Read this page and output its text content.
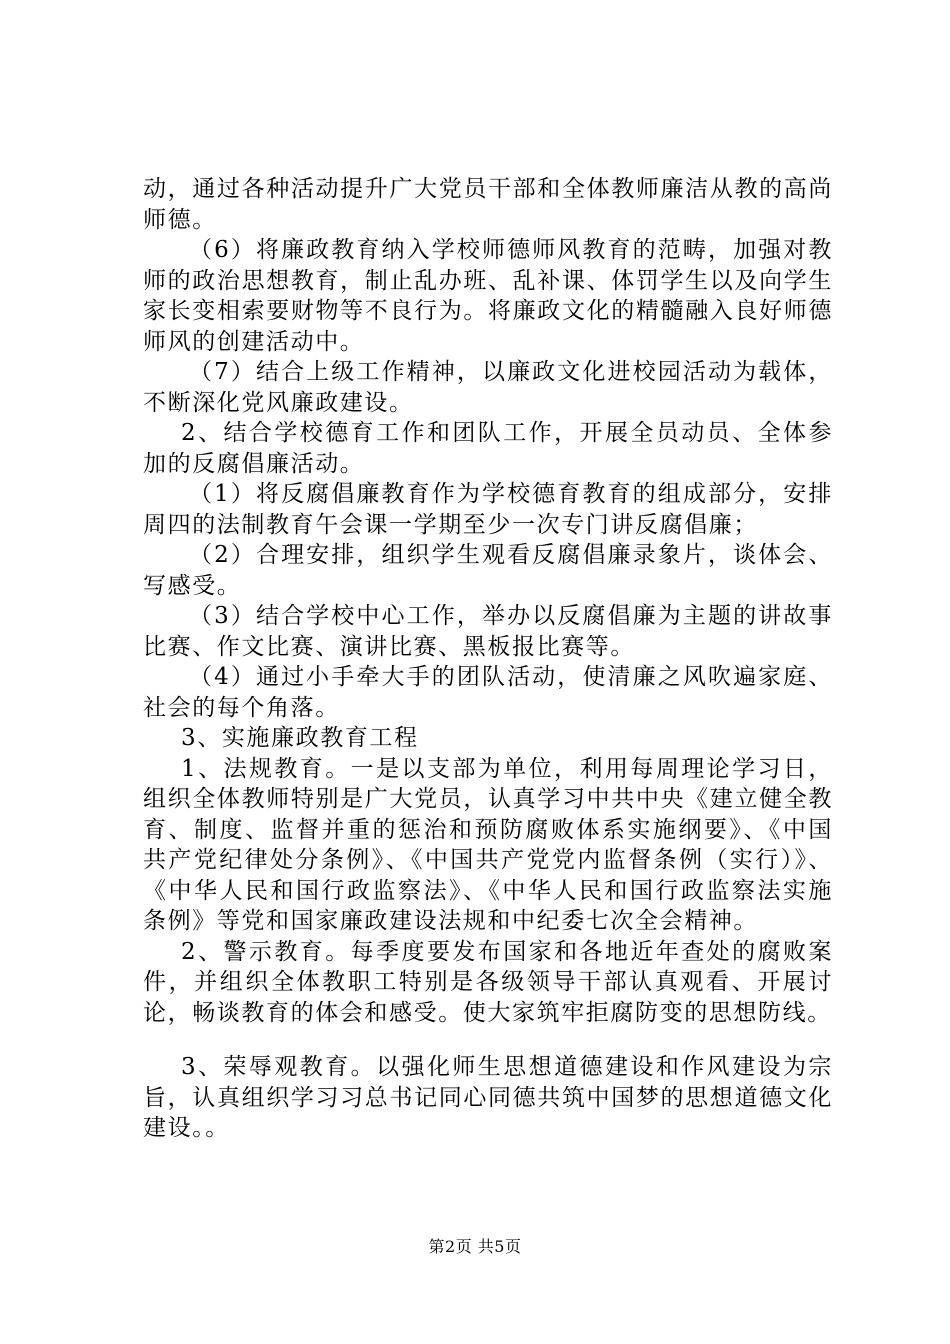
动，通过各种活动提升广大党员干部和全体教师廉洁从教的高尚师德。

（6）将廉政教育纳入学校师德师风教育的范畴，加强对教师的政治思想教育，制止乱办班、乱补课、体罚学生以及向学生家长变相索要财物等不良行为。将廉政文化的精髓融入良好师德师风的创建活动中。

（7）结合上级工作精神，以廉政文化进校园活动为载体，不断深化党风廉政建设。

2、结合学校德育工作和团队工作，开展全员动员、全体参加的反腐倡廉活动。

（1）将反腐倡廉教育作为学校德育教育的组成部分，安排周四的法制教育午会课一学期至少一次专门讲反腐倡廉；

（2）合理安排，组织学生观看反腐倡廉录象片，谈体会、写感受。

（3）结合学校中心工作，举办以反腐倡廉为主题的讲故事比赛、作文比赛、演讲比赛、黑板报比赛等。

（4）通过小手牵大手的团队活动，使清廉之风吹遍家庭、社会的每个角落。

3、实施廉政教育工程

1、法规教育。一是以支部为单位，利用每周理论学习日，组织全体教师特别是广大党员，认真学习中共中央《建立健全教育、制度、监督并重的惩治和预防腐败体系实施纲要》、《中国共产党纪律处分条例》、《中国共产党党内监督条例（实行）》、《中华人民和国行政监察法》、《中华人民和国行政监察法实施条例》等党和国家廉政建设法规和中纪委七次全会精神。

2、警示教育。每季度要发布国家和各地近年查处的腐败案件，并组织全体教职工特别是各级领导干部认真观看、开展讨论，畅谈教育的体会和感受。使大家筑牢拒腐防变的思想防线。

3、荣辱观教育。以强化师生思想道德建设和作风建设为宗旨，认真组织学习习总书记同心同德共筑中国梦的思想道德文化建设。。

第2页 共5页
